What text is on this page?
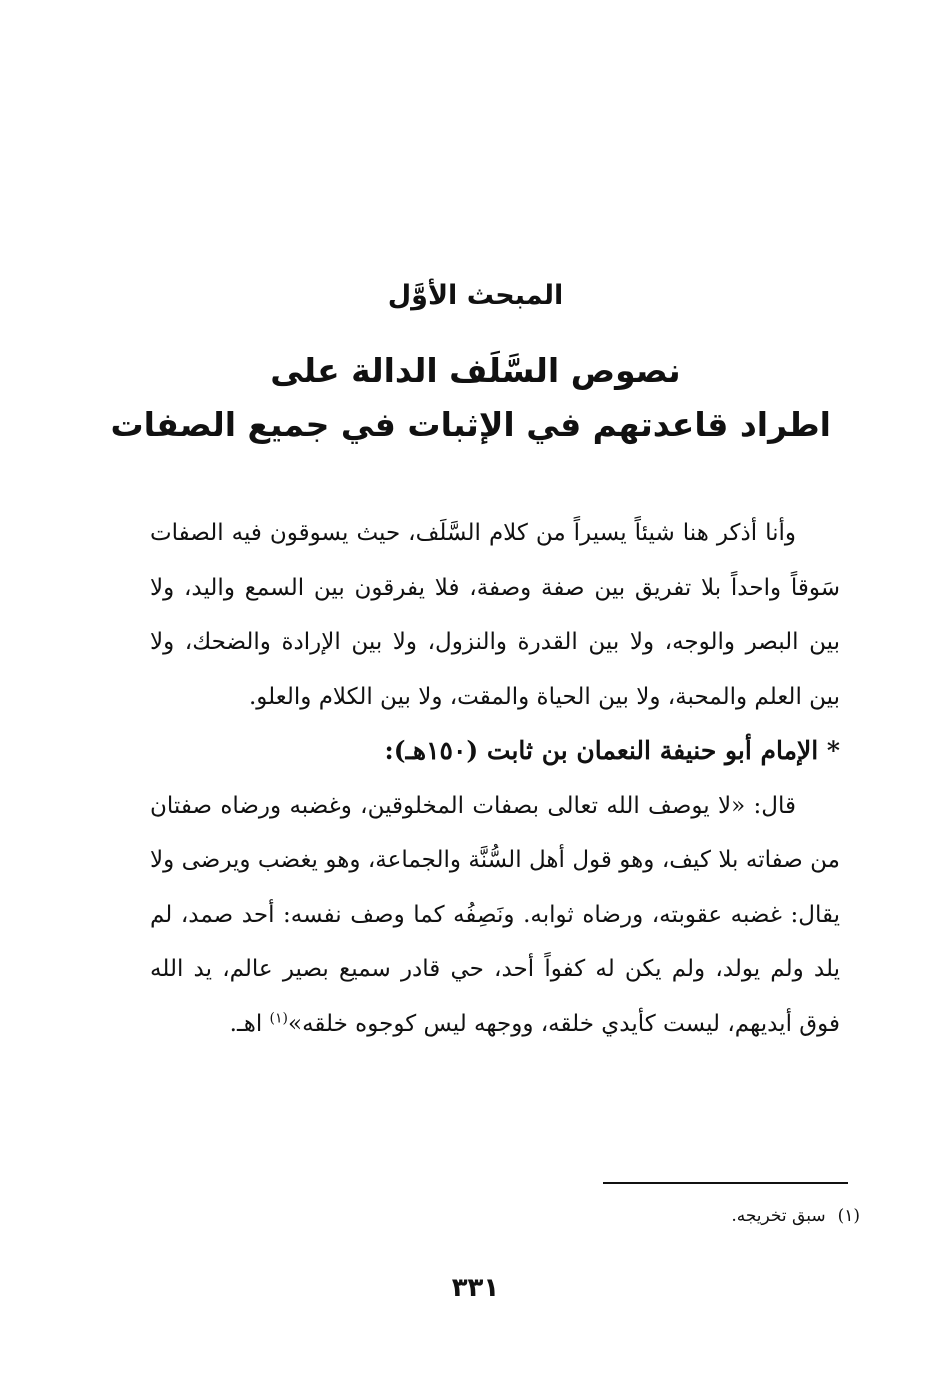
المبحث الأوَّل
نصوص السَّلَف الدالة على
اطراد قاعدتهم في الإثبات في جميع الصفات

وأنا أذكر هنا شيئاً يسيراً من كلام السَّلَف، حيث يسوقون فيه الصفات سَوقاً واحداً بلا تفريق بين صفة وصفة، فلا يفرقون بين السمع واليد، ولا بين البصر والوجه، ولا بين القدرة والنزول، ولا بين الإرادة والضحك، ولا بين العلم والمحبة، ولا بين الحياة والمقت، ولا بين الكلام والعلو.

* الإمام أبو حنيفة النعمان بن ثابت (١٥٠هـ):

قال: «لا يوصف الله تعالى بصفات المخلوقين، وغضبه ورضاه صفتان من صفاته بلا كيف، وهو قول أهل السُّنَّة والجماعة، وهو يغضب ويرضى ولا يقال: غضبه عقوبته، ورضاه ثوابه. ونَصِفُه كما وصف نفسه: أحد صمد، لم يلد ولم يولد، ولم يكن له كفواً أحد، حي قادر سميع بصير عالم، يد الله فوق أيديهم، ليست كأيدي خلقه، ووجهه ليس كوجوه خلقه»$^{(١)}$ اهـ.

(١)سبق تخريجه.
٣٣١
